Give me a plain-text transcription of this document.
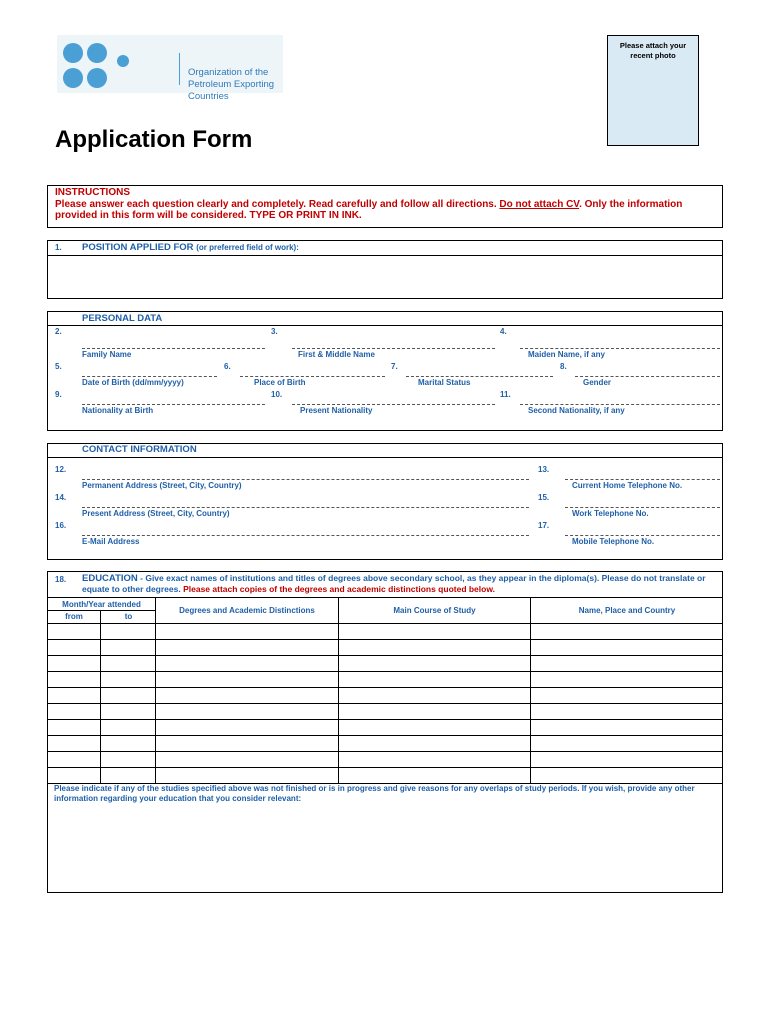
Organization of the
Petroleum Exporting Countries
Please attach your
recent photo
Application Form
INSTRUCTIONS
Please answer each question clearly and completely. Read carefully and follow all directions. Do not attach CV. Only the information provided in this form will be considered. TYPE OR PRINT IN INK.
1. POSITION APPLIED FOR (or preferred field of work):
PERSONAL DATA
2.
Family Name
3.
First & Middle Name
4.
Maiden Name, if any
5.
Date of Birth (dd/mm/yyyy)
6.
Place of Birth
7.
Marital Status
8.
Gender
9.
Nationality at Birth
10.
Present Nationality
11.
Second Nationality, if any
CONTACT INFORMATION
12.
Permanent Address (Street, City, Country)
13.
Current Home Telephone No.
14.
Present Address (Street, City, Country)
15.
Work Telephone No.
16.
E-Mail Address
17.
Mobile Telephone No.
18. EDUCATION - Give exact names of institutions and titles of degrees above secondary school, as they appear in the diploma(s). Please do not translate or equate to other degrees. Please attach copies of the degrees and academic distinctions quoted below.
Month/Year attended
from	to
Degrees and Academic Distinctions	Main Course of Study	Name, Place and Country
Please indicate if any of the studies specified above was not finished or is in progress and give reasons for any overlaps of study periods. If you wish, provide any other information regarding your education that you consider relevant:
